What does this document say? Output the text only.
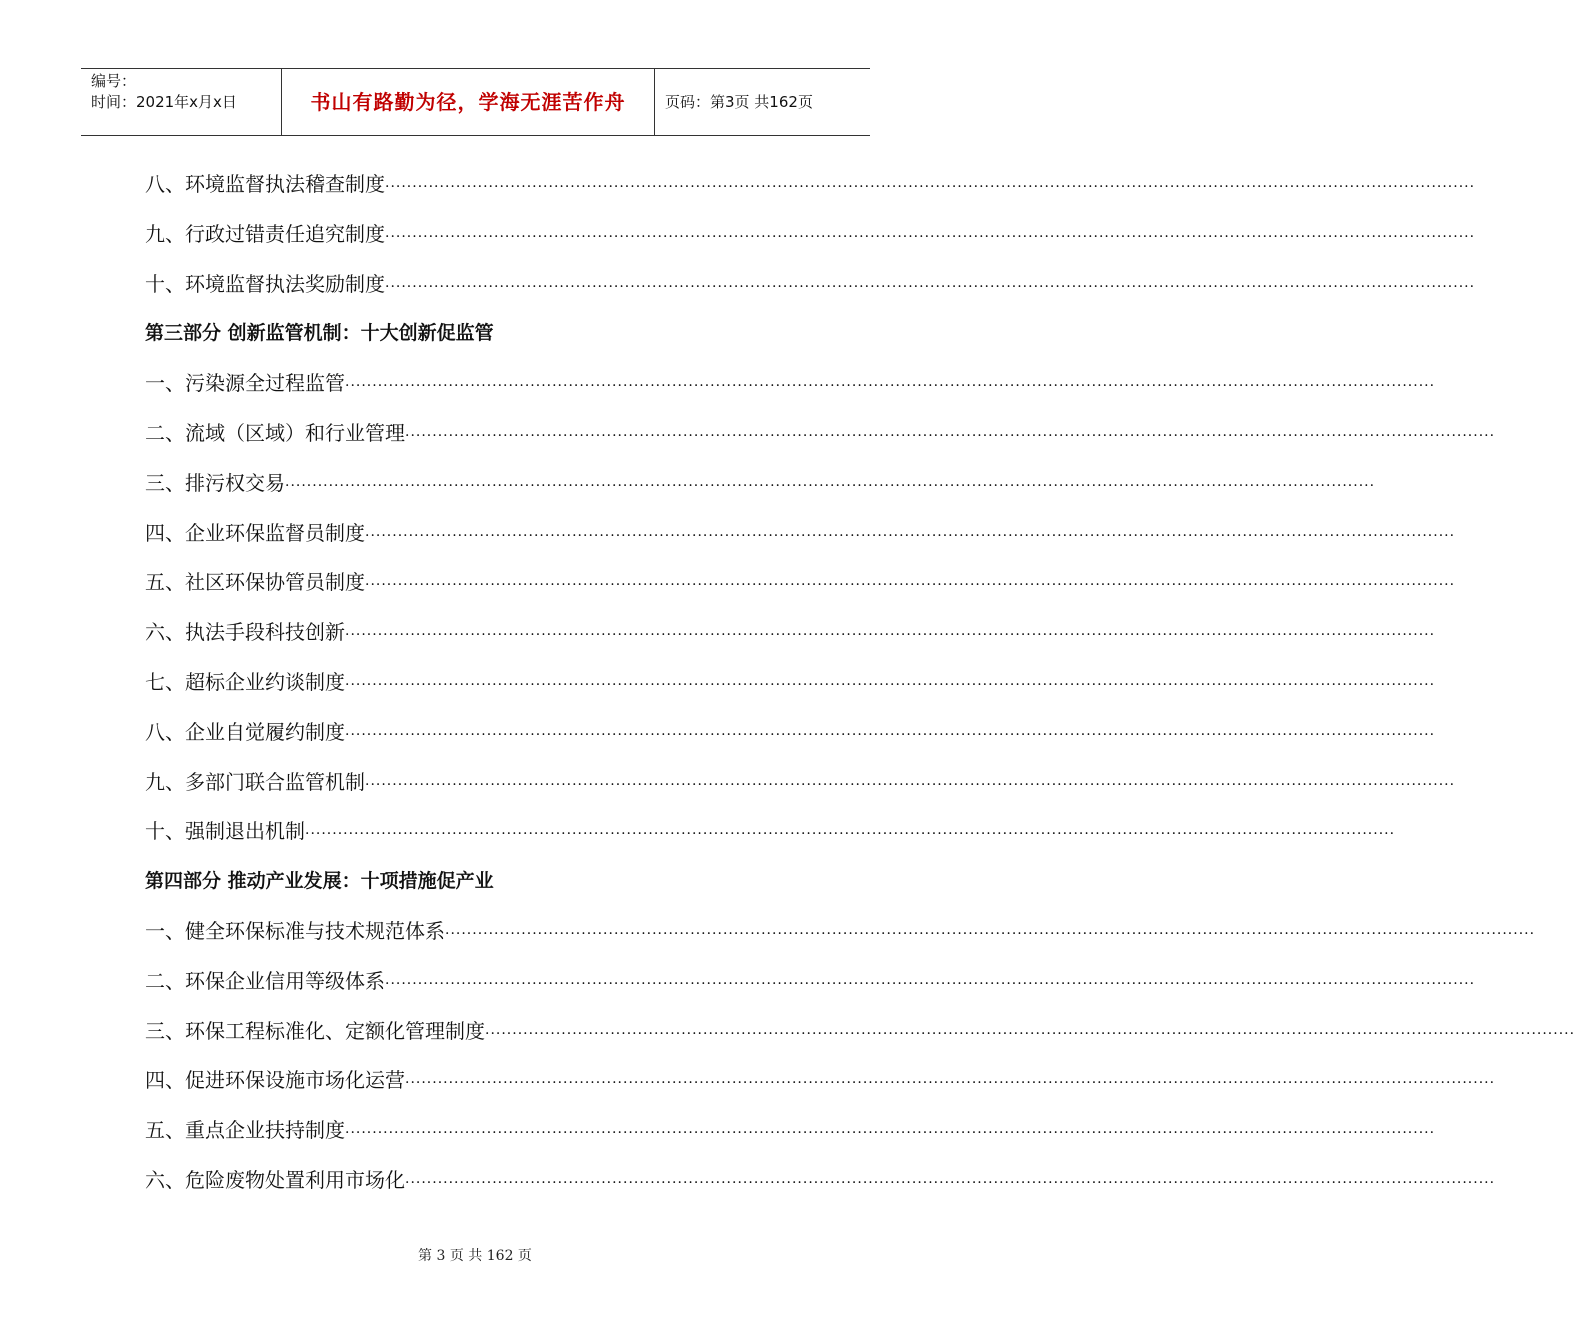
编号：
时间：2021年x月x日	书山有路勤为径，学海无涯苦作舟	页码：第3页 共162页
八、环境监督执法稽查制度 ········································································································································································································
九、行政过错责任追究制度 ········································································································································································································
十、环境监督执法奖励制度 ········································································································································································································
第三部分 创新监管机制：十大创新促监管
一、污染源全过程监管 ········································································································································································································
二、流域（区域）和行业管理 ········································································································································································································
三、排污权交易 ········································································································································································································
四、企业环保监督员制度 ········································································································································································································
五、社区环保协管员制度 ········································································································································································································
六、执法手段科技创新 ········································································································································································································
七、超标企业约谈制度 ········································································································································································································
八、企业自觉履约制度 ········································································································································································································
九、多部门联合监管机制 ········································································································································································································
十、强制退出机制 ········································································································································································································
第四部分 推动产业发展：十项措施促产业
一、健全环保标准与技术规范体系 ········································································································································································································
二、环保企业信用等级体系 ········································································································································································································
三、环保工程标准化、定额化管理制度 ········································································································································································································
四、促进环保设施市场化运营 ········································································································································································································
五、重点企业扶持制度 ········································································································································································································
六、危险废物处置利用市场化 ········································································································································································································
第 3 页 共 162 页
